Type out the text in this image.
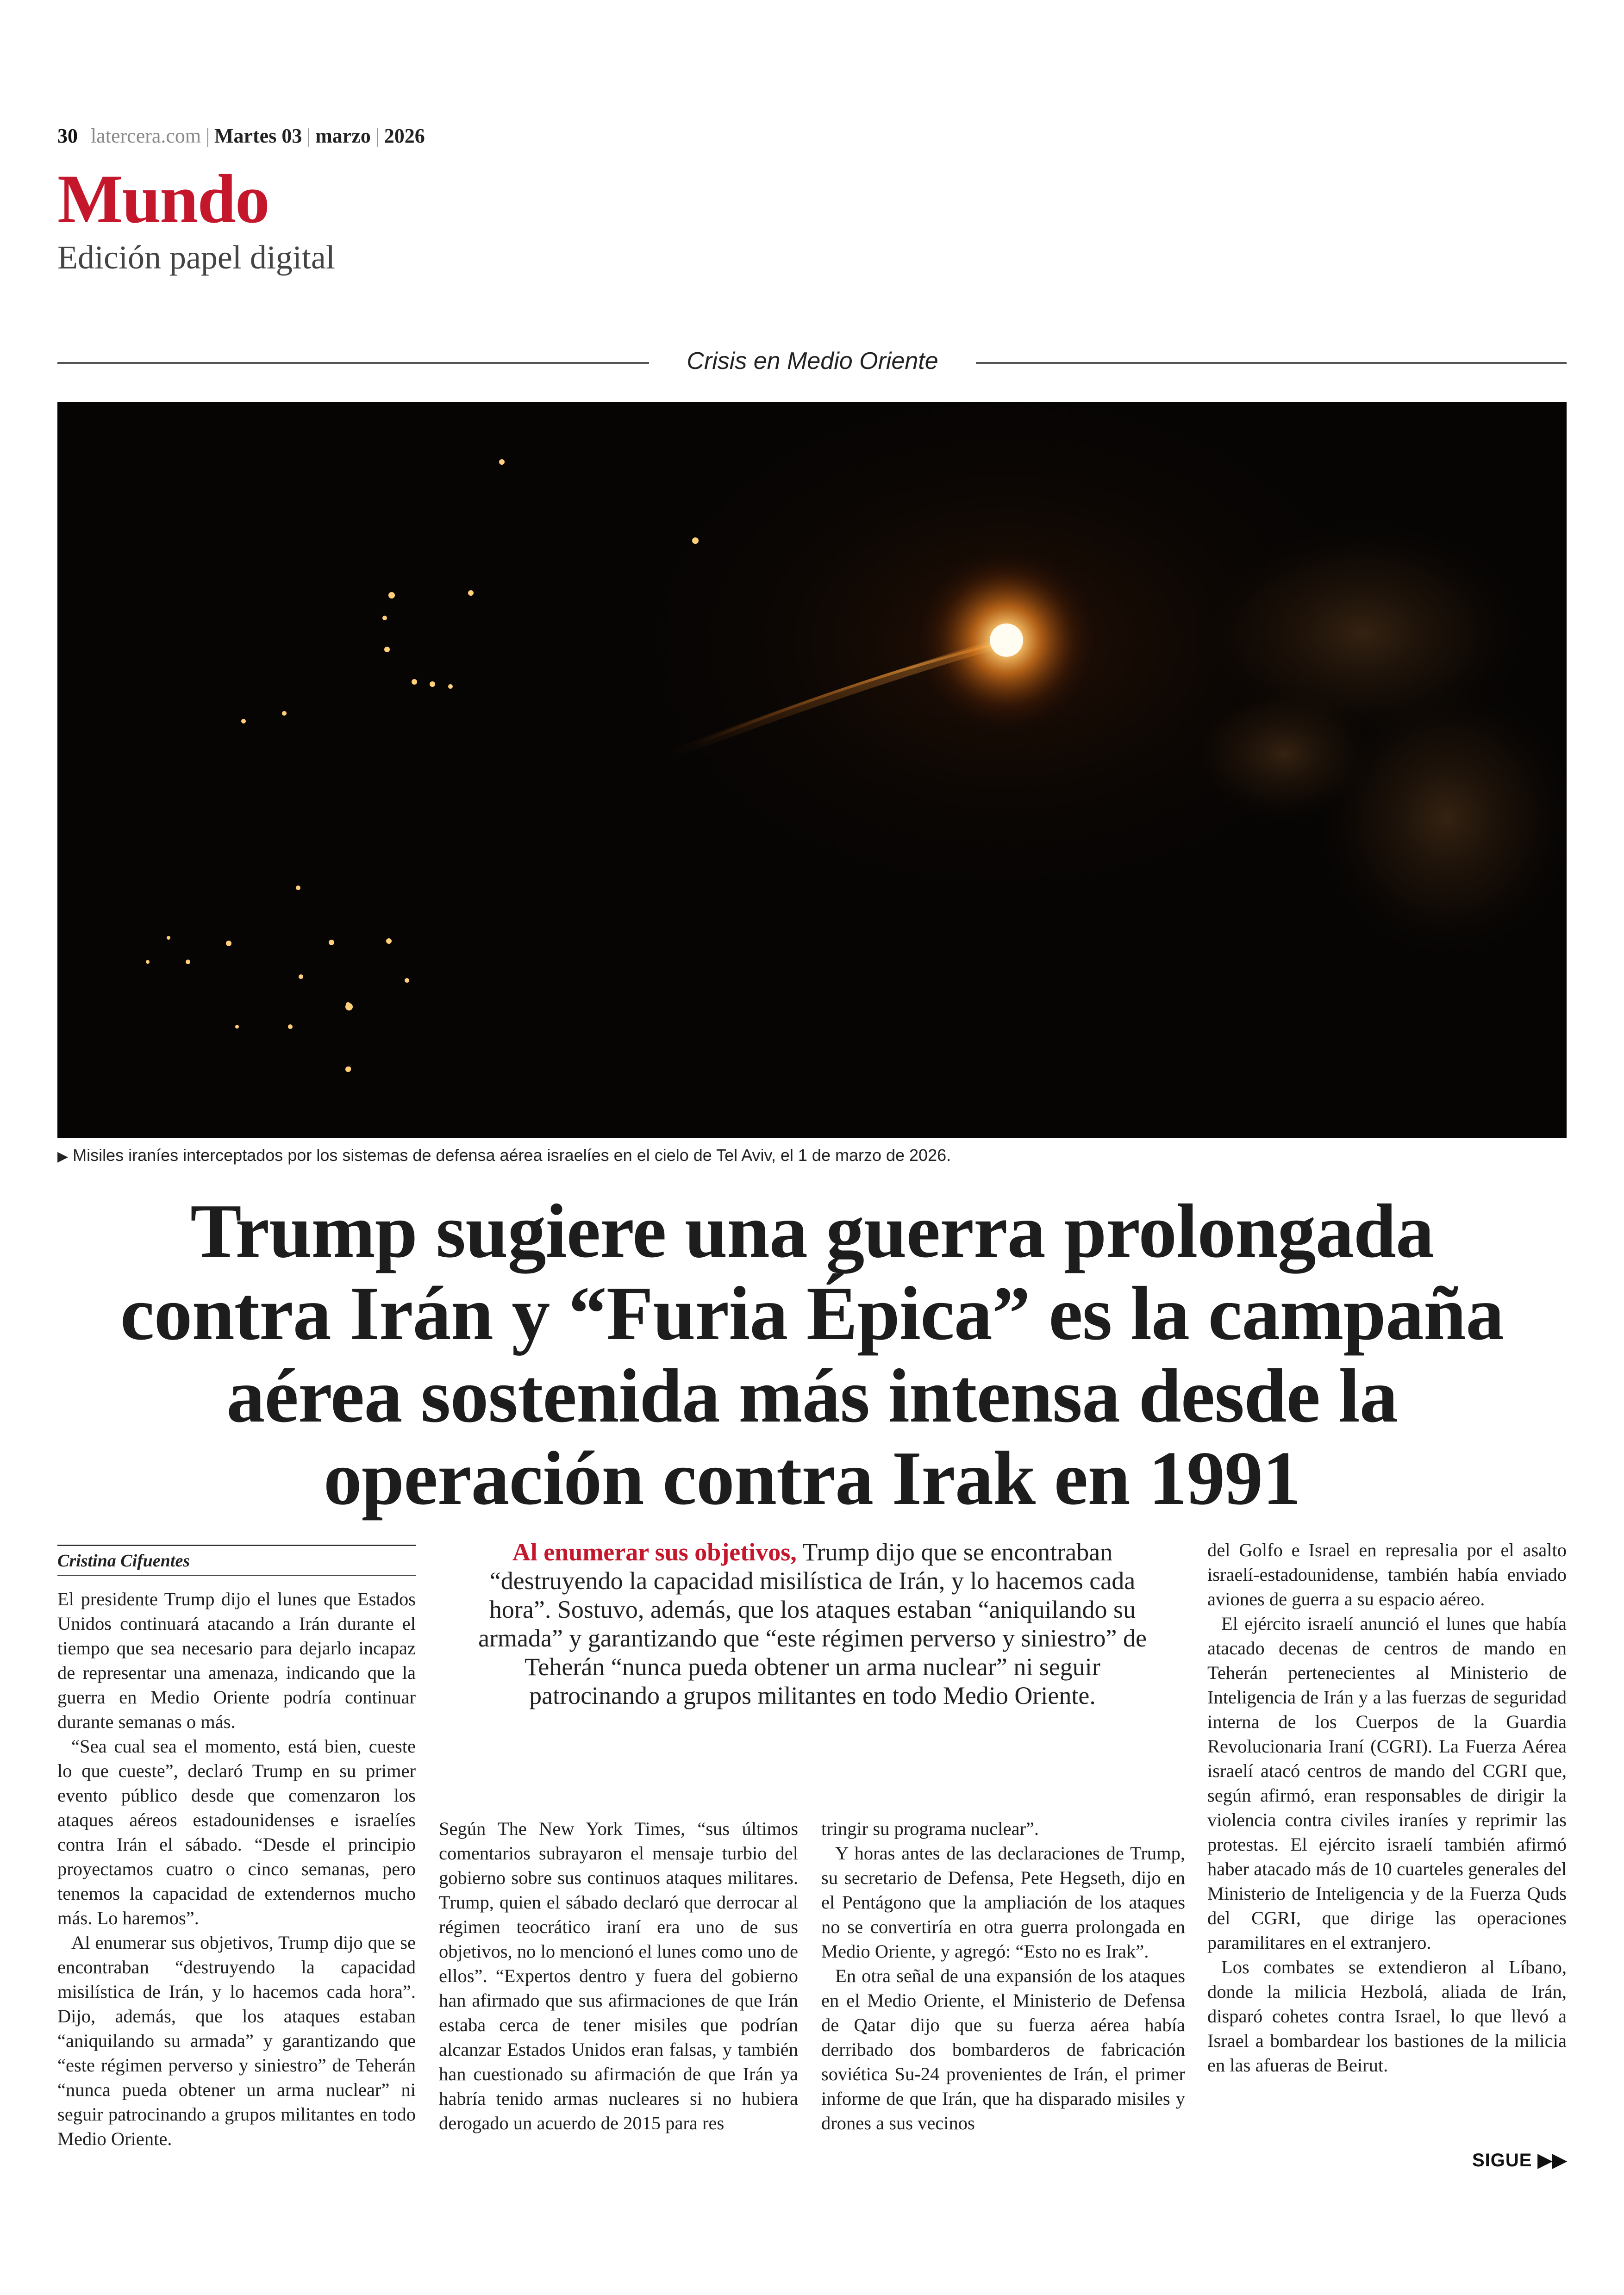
30 latercera.com | Martes 03 | marzo | 2026
Mundo
Edición papel digital
Crisis en Medio Oriente
▶ Misiles iraníes interceptados por los sistemas de defensa aérea israelíes en el cielo de Tel Aviv, el 1 de marzo de 2026.
Trump sugiere una guerra prolongada
contra Irán y “Furia Épica” es la campaña
aérea sostenida más intensa desde la
operación contra Irak en 1991
Cristina Cifuentes

El presidente Trump dijo el lunes que Estados Unidos continuará atacando a Irán durante el tiempo que sea necesario para dejarlo incapaz de representar una amenaza, indicando que la guerra en Medio Oriente podría continuar durante semanas o más.

“Sea cual sea el momento, está bien, cueste lo que cueste”, declaró Trump en su primer evento público desde que comenzaron los ataques aéreos estadounidenses e israelíes contra Irán el sábado. “Desde el principio proyectamos cuatro o cinco semanas, pero tenemos la capacidad de extendernos mucho más. Lo haremos”.

Al enumerar sus objetivos, Trump dijo que se encontraban “destruyendo la capacidad misilística de Irán, y lo hacemos cada hora”. Dijo, además, que los ataques estaban “aniquilando su armada” y garantizando que “este régimen perverso y siniestro” de Teherán “nunca pueda obtener un arma nuclear” ni seguir patrocinando a grupos militantes en todo Medio Oriente.

Al enumerar sus objetivos, Trump dijo que se encontraban “destruyendo la capacidad misilística de Irán, y lo hacemos cada hora”. Sostuvo, además, que los ataques estaban “aniquilando su armada” y garantizando que “este régimen perverso y siniestro” de Teherán “nunca pueda obtener un arma nuclear” ni seguir patrocinando a grupos militantes en todo Medio Oriente.

Según The New York Times, “sus últimos comentarios subrayaron el mensaje turbio del gobierno sobre sus continuos ataques militares. Trump, quien el sábado declaró que derrocar al régimen teocrático iraní era uno de sus objetivos, no lo mencionó el lunes como uno de ellos”. “Expertos dentro y fuera del gobierno han afirmado que sus afirmaciones de que Irán estaba cerca de tener misiles que podrían alcanzar Estados Unidos eran falsas, y también han cuestionado su afirmación de que Irán ya habría tenido armas nucleares si no hubiera derogado un acuerdo de 2015 para res

tringir su programa nuclear”.

Y horas antes de las declaraciones de Trump, su secretario de Defensa, Pete Hegseth, dijo en el Pentágono que la ampliación de los ataques no se convertiría en otra guerra prolongada en Medio Oriente, y agregó: “Esto no es Irak”.

En otra señal de una expansión de los ataques en el Medio Oriente, el Ministerio de Defensa de Qatar dijo que su fuerza aérea había derribado dos bombarderos de fabricación soviética Su-24 provenientes de Irán, el primer informe de que Irán, que ha disparado misiles y drones a sus vecinos

del Golfo e Israel en represalia por el asalto israelí-estadounidense, también había enviado aviones de guerra a su espacio aéreo.

El ejército israelí anunció el lunes que había atacado decenas de centros de mando en Teherán pertenecientes al Ministerio de Inteligencia de Irán y a las fuerzas de seguridad interna de los Cuerpos de la Guardia Revolucionaria Iraní (CGRI). La Fuerza Aérea israelí atacó centros de mando del CGRI que, según afirmó, eran responsables de dirigir la violencia contra civiles iraníes y reprimir las protestas. El ejército israelí también afirmó haber atacado más de 10 cuarteles generales del Ministerio de Inteligencia y de la Fuerza Quds del CGRI, que dirige las operaciones paramilitares en el extranjero.

Los combates se extendieron al Líbano, donde la milicia Hezbolá, aliada de Irán, disparó cohetes contra Israel, lo que llevó a Israel a bombardear los bastiones de la milicia en las afueras de Beirut.

SIGUE ▶▶
